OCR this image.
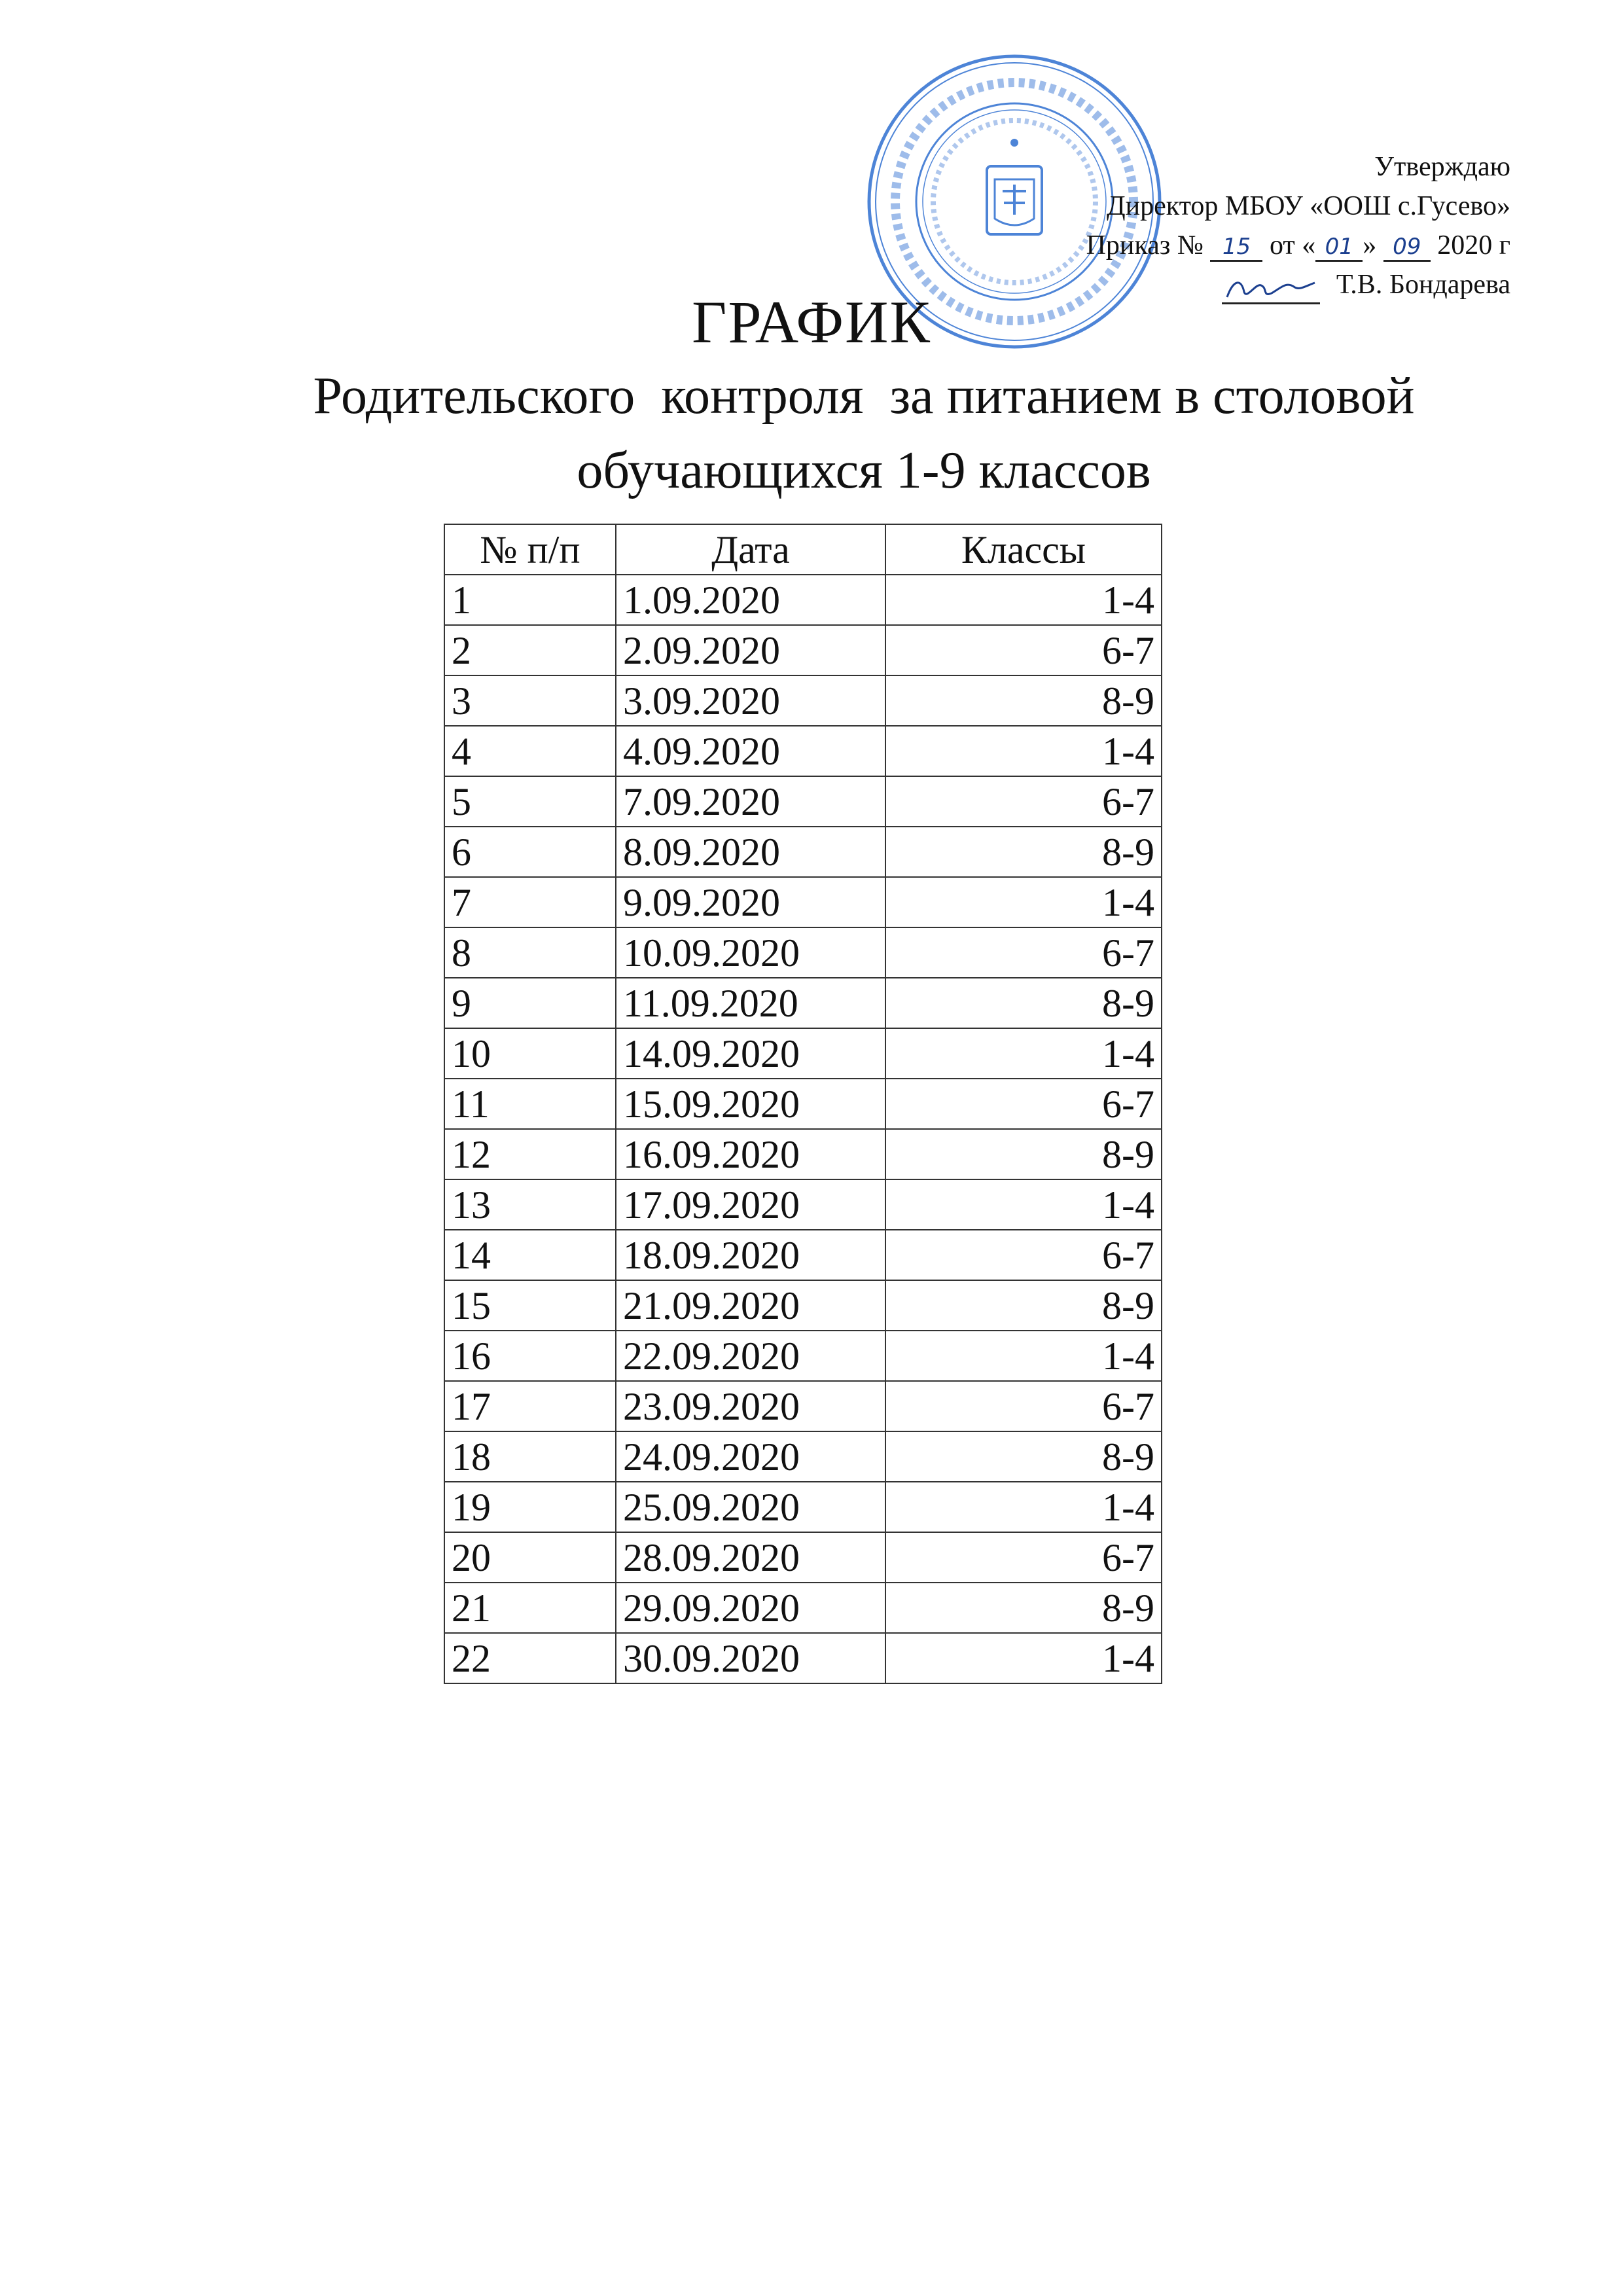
Утверждаю
Директор МБОУ «ООШ с.Гусево»
Приказ № 15 от « 01 » 09 2020 г
Т.В. Бондарева
ГРАФИК
Родительского  контроля  за питанием в столовой
обучающихся 1-9 классов
№ п/п	Дата	Классы
1	1.09.2020	1-4
2	2.09.2020	6-7
3	3.09.2020	8-9
4	4.09.2020	1-4
5	7.09.2020	6-7
6	8.09.2020	8-9
7	9.09.2020	1-4
8	10.09.2020	6-7
9	11.09.2020	8-9
10	14.09.2020	1-4
11	15.09.2020	6-7
12	16.09.2020	8-9
13	17.09.2020	1-4
14	18.09.2020	6-7
15	21.09.2020	8-9
16	22.09.2020	1-4
17	23.09.2020	6-7
18	24.09.2020	8-9
19	25.09.2020	1-4
20	28.09.2020	6-7
21	29.09.2020	8-9
22	30.09.2020	1-4
